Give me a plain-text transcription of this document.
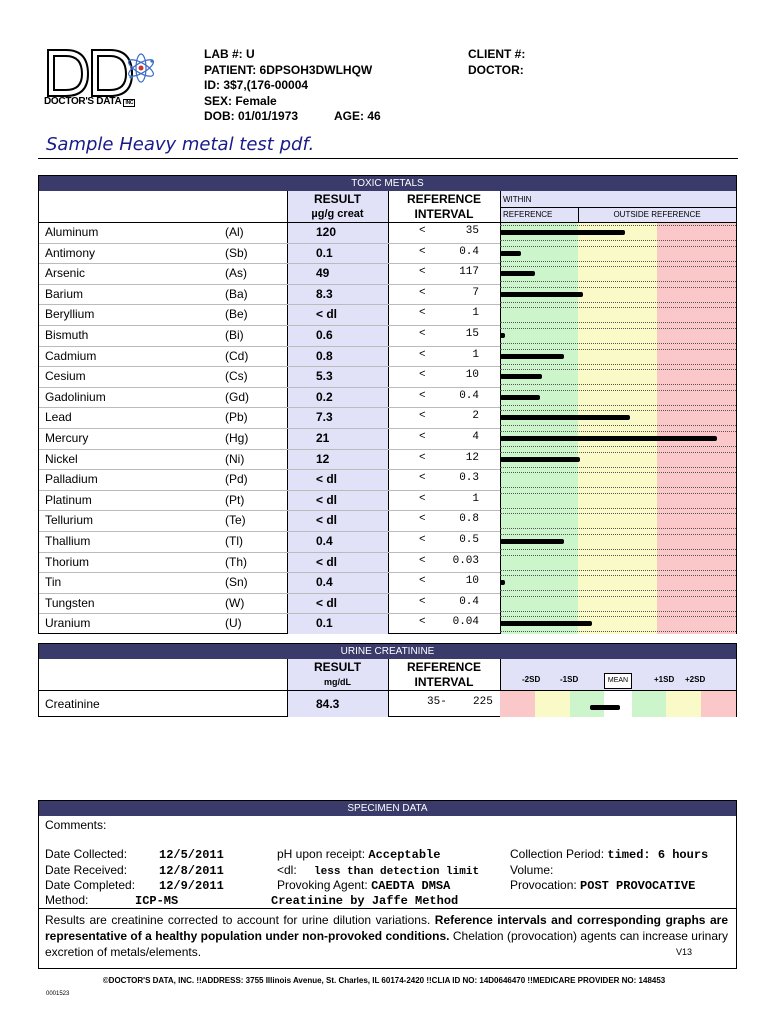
DOCTOR'S DATA INC
LAB #: U
PATIENT: 6DPSOH3DWLHQW
ID: 3$7,(176-00004
SEX: Female
DOB: 01/01/1973	AGE: 46
CLIENT #:
DOCTOR:
Sample Heavy metal test pdf.
TOXIC METALS
RESULT
µg/g creat
REFERENCE
INTERVAL
WITHIN
REFERENCE	OUTSIDE REFERENCE
Aluminum	(Al)	120	<	35
Antimony	(Sb)	0.1	<	0.4
Arsenic	(As)	49	<	117
Barium	(Ba)	8.3	<	7
Beryllium	(Be)	< dl	<	1
Bismuth	(Bi)	0.6	<	15
Cadmium	(Cd)	0.8	<	1
Cesium	(Cs)	5.3	<	10
Gadolinium	(Gd)	0.2	<	0.4
Lead	(Pb)	7.3	<	2
Mercury	(Hg)	21	<	4
Nickel	(Ni)	12	<	12
Palladium	(Pd)	< dl	<	0.3
Platinum	(Pt)	< dl	<	1
Tellurium	(Te)	< dl	<	0.8
Thallium	(Tl)	0.4	<	0.5
Thorium	(Th)	< dl	<	0.03
Tin	(Sn)	0.4	<	10
Tungsten	(W)	< dl	<	0.4
Uranium	(U)	0.1	<	0.04
URINE CREATININE
RESULT
mg/dL
REFERENCE
INTERVAL	-2SD -1SD	MEAN	+1SD +2SD
Creatinine	84.3	35- 225
SPECIMEN DATA
Comments:
Date Collected:	12/5/2011
Date Received:	12/8/2011
Date Completed: 12/9/2011
Method:	ICP-MS
pH upon receipt: Acceptable
<dl: less than detection limit
Provoking Agent: CAEDTA DMSA
Creatinine by Jaffe Method
Collection Period: timed: 6 hours
Volume:
Provocation: POST PROVOCATIVE
Results are creatinine corrected to account for urine dilution variations. Reference intervals and corresponding graphs are representative of a healthy population under non-provoked conditions. Chelation (provocation) agents can increase urinary excretion of metals/elements.	V13
©DOCTOR'S DATA, INC. !!ADDRESS: 3755 Illinois Avenue, St. Charles, IL 60174-2420 !!CLIA ID NO: 14D0646470 !!MEDICARE PROVIDER NO: 148453
0001523
